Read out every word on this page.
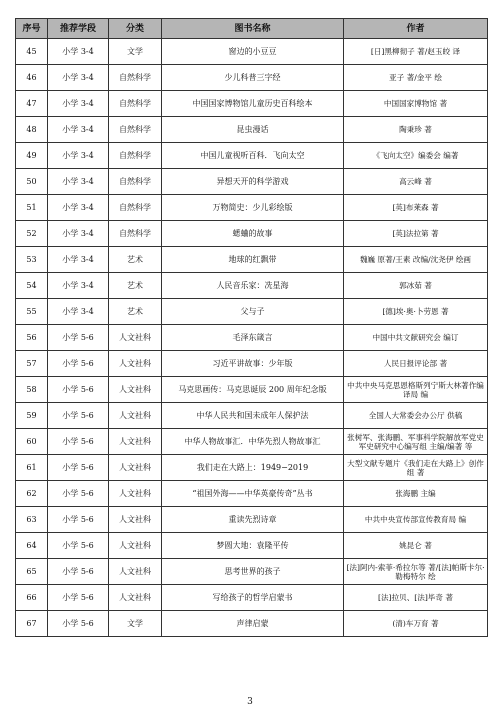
序号	推荐学段	分类	图书名称	作者
45	小学 3-4	文学	窗边的小豆豆	[日]黑柳彻子 著/赵玉皎 译
46	小学 3-4	自然科学	少儿科普三字经	亚子 著/金平 绘
47	小学 3-4	自然科学	中国国家博物馆儿童历史百科绘本	中国国家博物馆 著
48	小学 3-4	自然科学	昆虫漫话	陶秉珍 著
49	小学 3-4	自然科学	中国儿童视听百科．飞向太空	《飞向太空》编委会 编著
50	小学 3-4	自然科学	异想天开的科学游戏	高云峰 著
51	小学 3-4	自然科学	万物简史：少儿彩绘版	[英]布莱森 著
52	小学 3-4	自然科学	蟋蛐的故事	[英]法拉第 著
53	小学 3-4	艺术	地球的红飘带	魏巍 原著/王素 改编/沈尧伊 绘画
54	小学 3-4	艺术	人民音乐家：冼星海	郭冰茹 著
55	小学 3-4	艺术	父与子	[德]埃·奥·卜劳恩 著
56	小学 5-6	人文社科	毛泽东箴言	中国中共文献研究会 编订
57	小学 5-6	人文社科	习近平讲故事：少年版	人民日报评论部 著
58	小学 5-6	人文社科	马克思画传：马克思诞辰 200 周年纪念版	中共中央马克思恩格斯列宁斯大林著作编译局 编
59	小学 5-6	人文社科	中华人民共和国未成年人保护法	全国人大常委会办公厅 供稿
60	小学 5-6	人文社科	中华人物故事汇．中华先烈人物故事汇	张树军、张海鹏、军事科学院解放军党史军史研究中心编写组 主编/编著 等
61	小学 5-6	人文社科	我们走在大路上：1949−2019	大型文献专题片《我们走在大路上》创作组 著
62	小学 5-6	人文社科	“祖国外海——中华英豪传奇”丛书	张海鹏 主编
63	小学 5-6	人文社科	重读先烈诗章	中共中央宣传部宣传教育局 编
64	小学 5-6	人文社科	梦圆大地：袁隆平传	姚昆仑 著
65	小学 5-6	人文社科	思考世界的孩子	[法]阿内-索菲·希拉尔等 著/[法]帕斯卡尔·勒梅特尔 绘
66	小学 5-6	人文社科	写给孩子的哲学启蒙书	[法]拉贝、[法]毕奇 著
67	小学 5-6	文学	声律启蒙	(清)车万育 著
3
